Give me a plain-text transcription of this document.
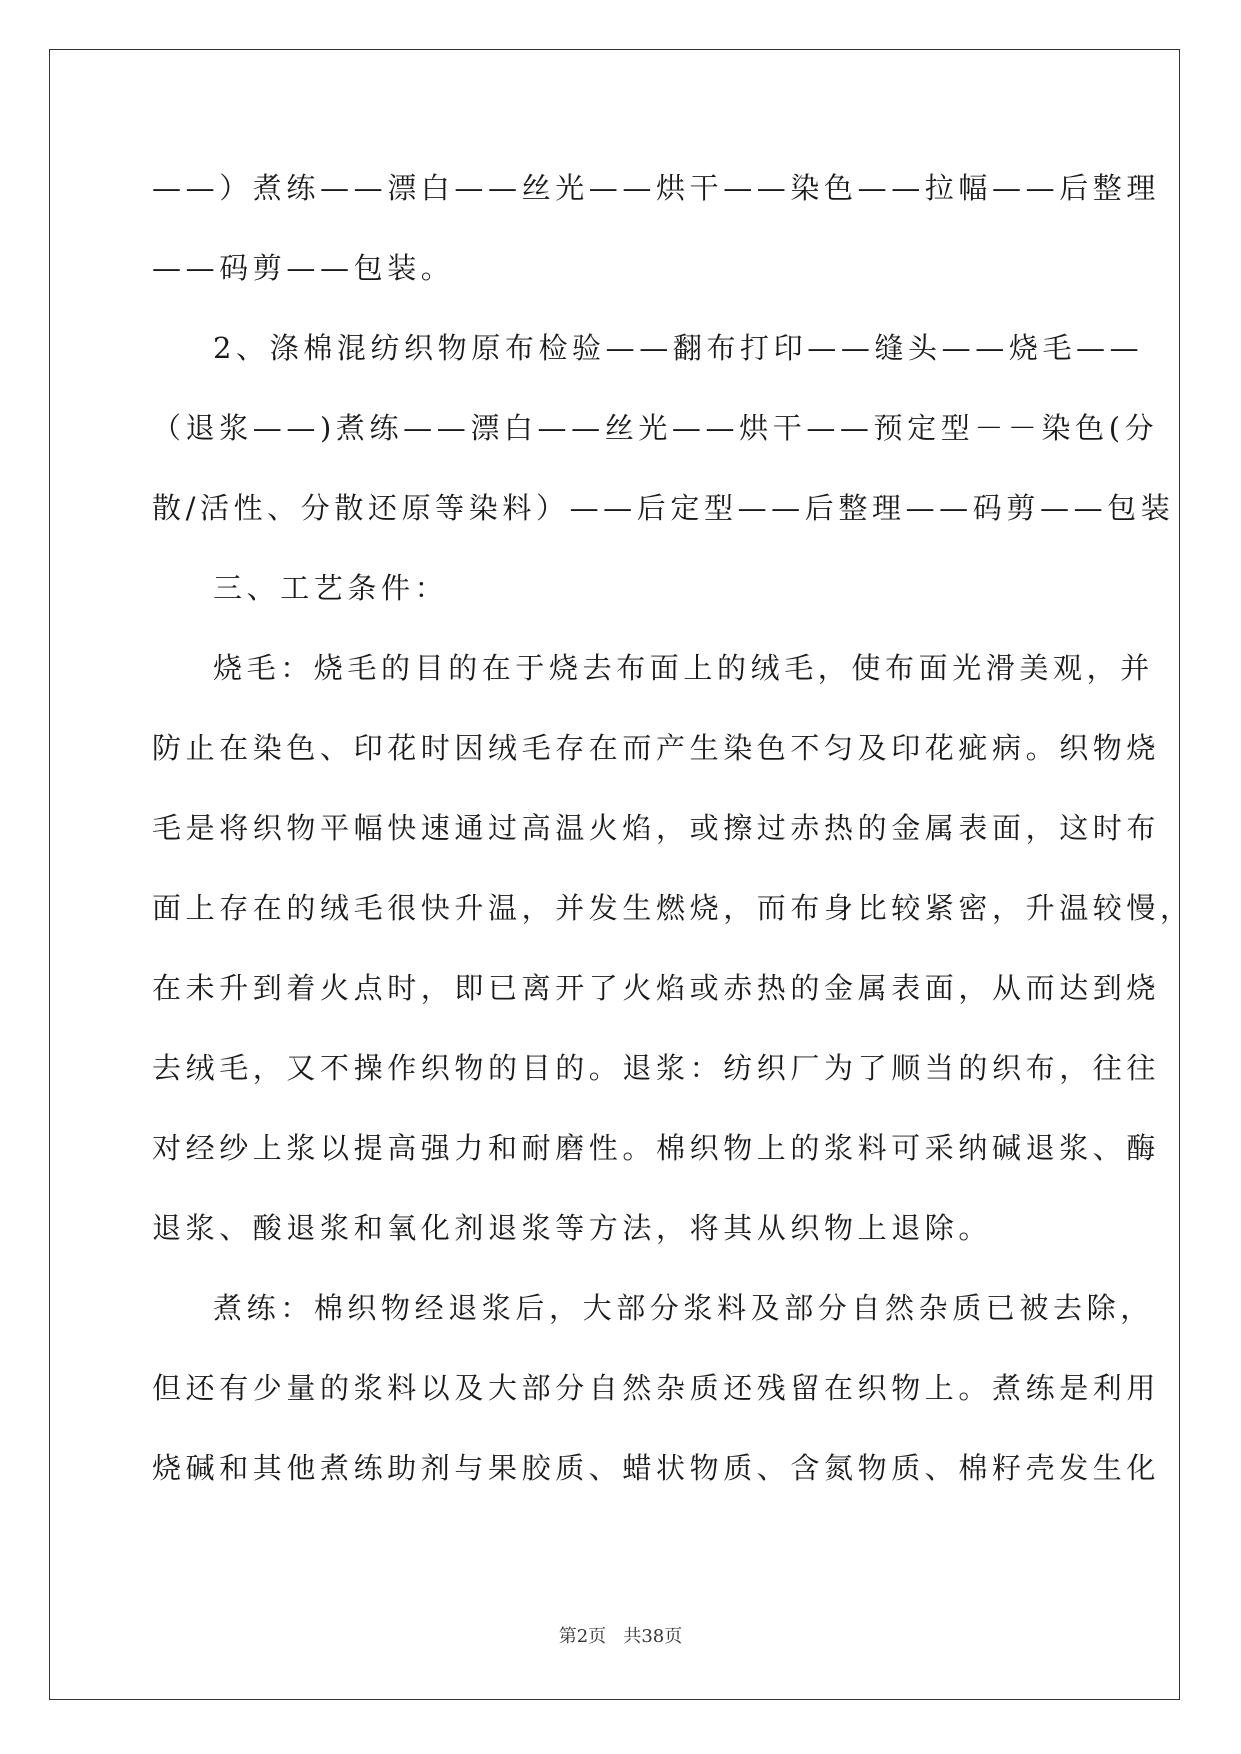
——）煮练——漂白——丝光——烘干——染色——拉幅——后整理
——码剪——包装。
2、涤棉混纺织物原布检验——翻布打印——缝头——烧毛——
（退浆——)煮练——漂白——丝光——烘干——预定型－－染色(分
散/活性、分散还原等染料）——后定型——后整理——码剪——包装
三、工艺条件：
烧毛：烧毛的目的在于烧去布面上的绒毛，使布面光滑美观，并
防止在染色、印花时因绒毛存在而产生染色不匀及印花疵病。织物烧
毛是将织物平幅快速通过高温火焰，或擦过赤热的金属表面，这时布
面上存在的绒毛很快升温，并发生燃烧，而布身比较紧密，升温较慢，
在未升到着火点时，即已离开了火焰或赤热的金属表面，从而达到烧
去绒毛，又不操作织物的目的。退浆：纺织厂为了顺当的织布，往往
对经纱上浆以提高强力和耐磨性。棉织物上的浆料可采纳碱退浆、酶
退浆、酸退浆和氧化剂退浆等方法，将其从织物上退除。
煮练：棉织物经退浆后，大部分浆料及部分自然杂质已被去除，
但还有少量的浆料以及大部分自然杂质还残留在织物上。煮练是利用
烧碱和其他煮练助剂与果胶质、蜡状物质、含氮物质、棉籽壳发生化
第2页 共38页
